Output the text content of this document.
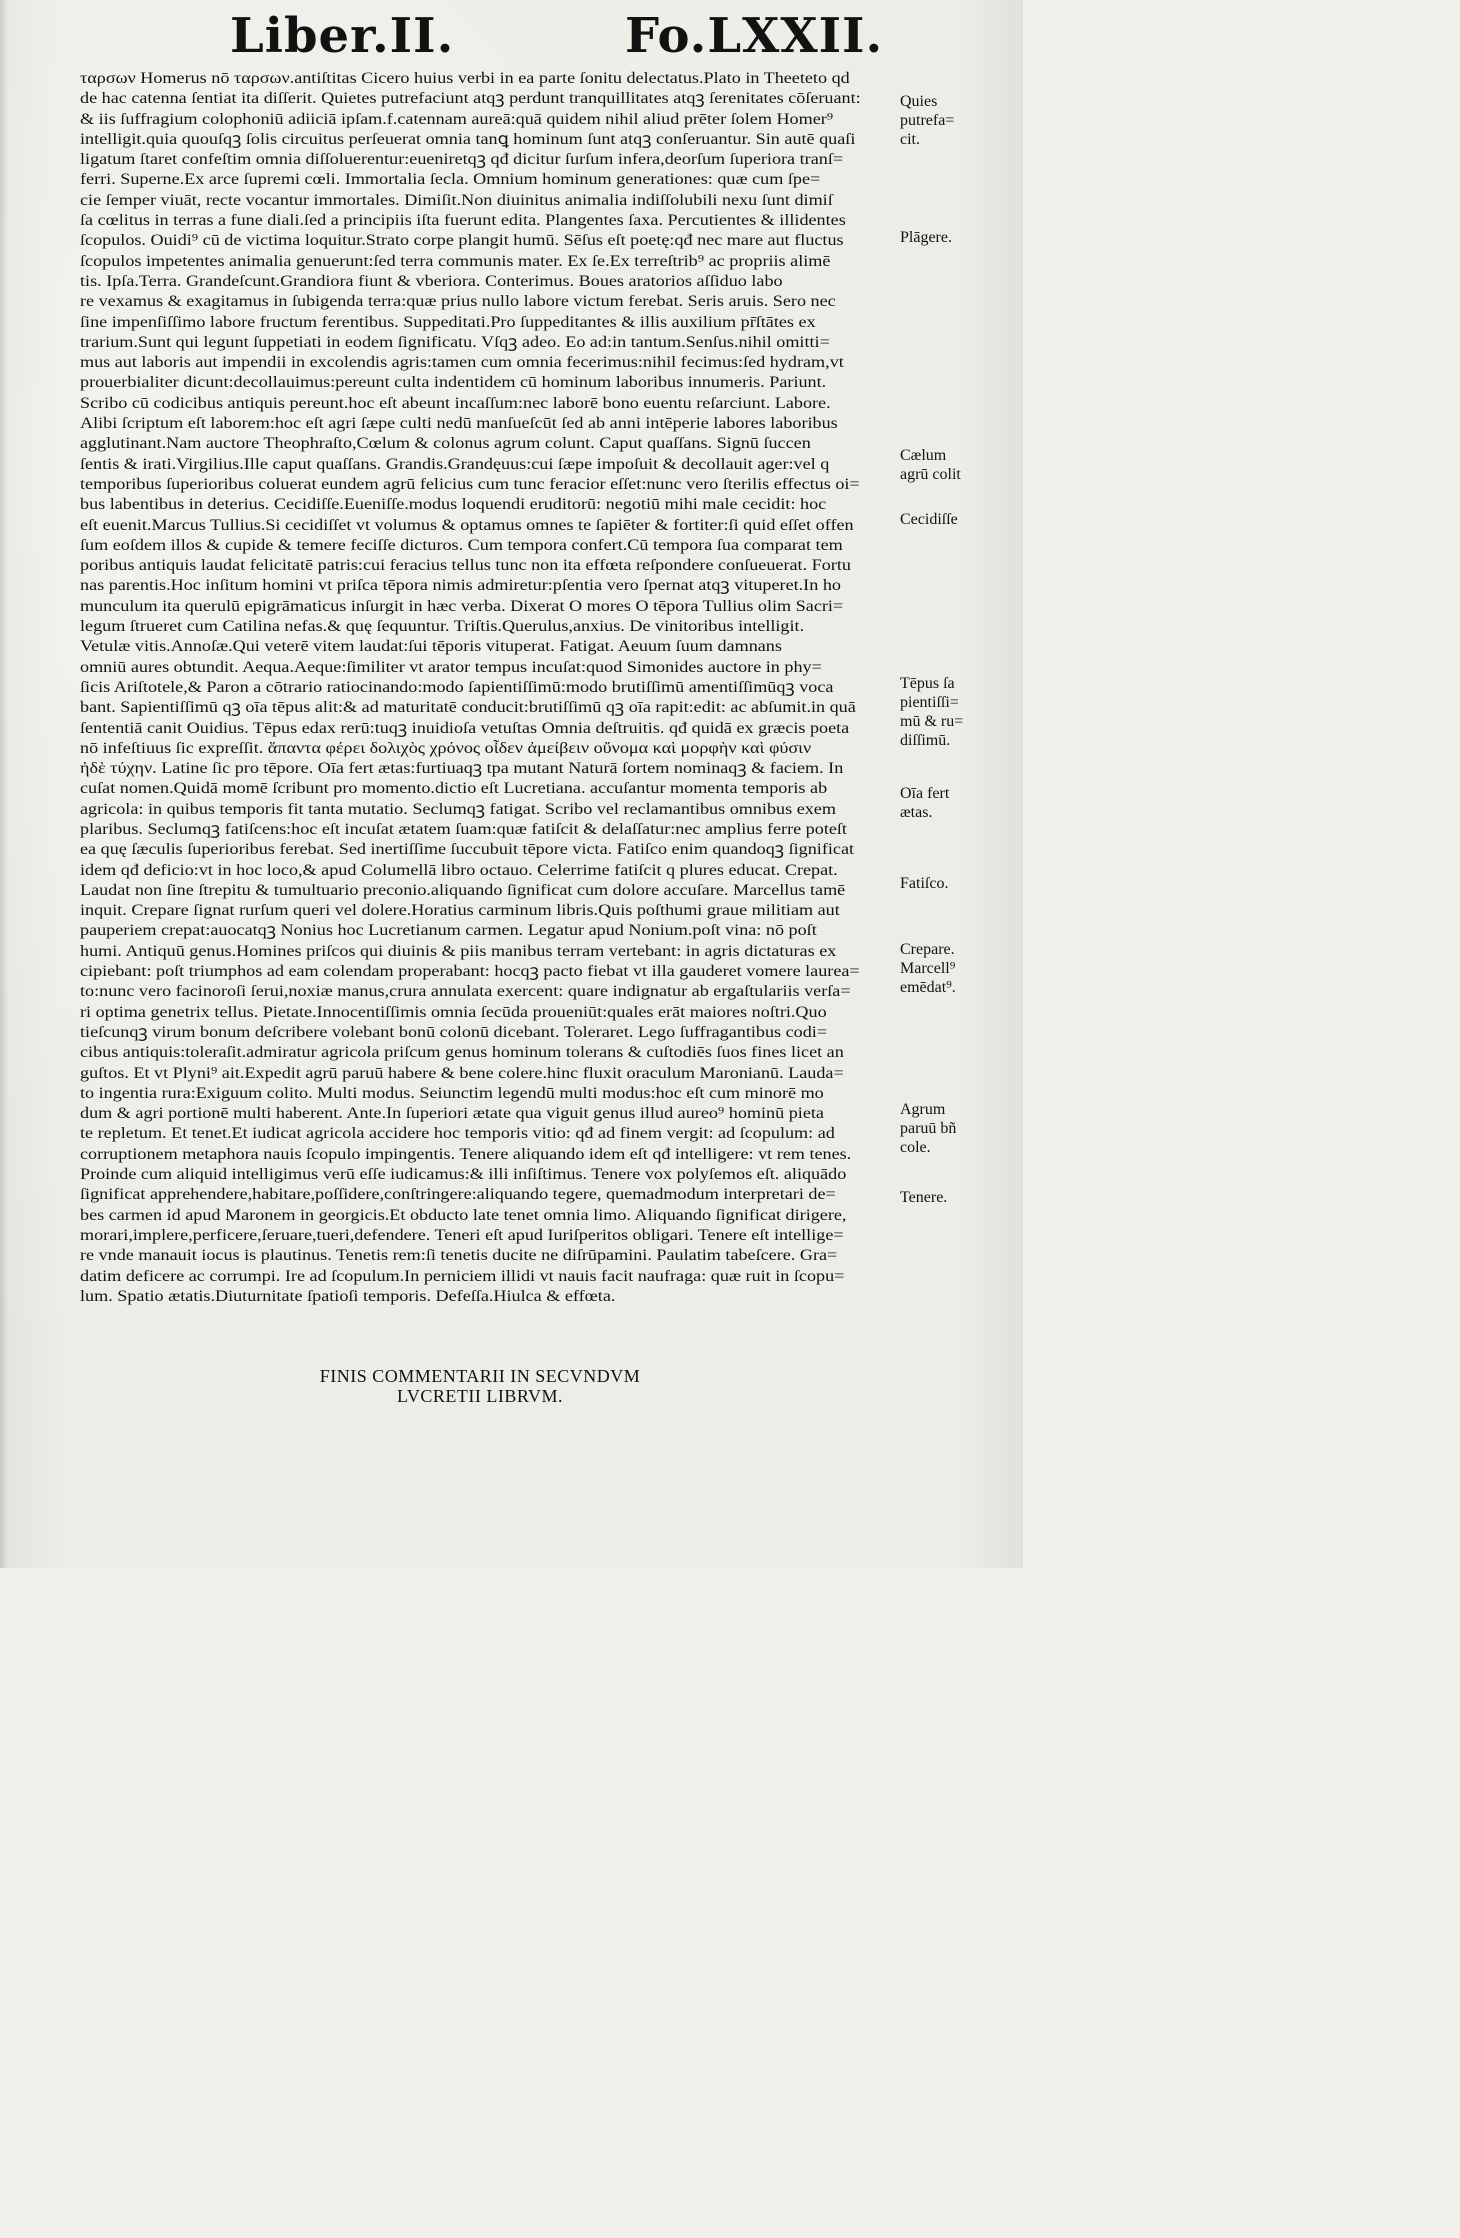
Liber.II.	Fo.LXXII.
ταρσων Homerus nō ταρσων.antiſtitas Cicero huius verbi in ea parte ſonitu delectatus.Plato in Theeteto qd
de hac catenna ſentiat ita diſſerit. Quietes putrefaciunt atqꝫ perdunt tranquillitates atqꝫ ſerenitates cōſeruant:
& iis ſuffragium colophoniū adiiciā ipſam.f.catennam aureā:quā quidem nihil aliud prēter ſolem Homer⁹
intelligit.quia quouſqꝫ ſolis circuitus perſeuerat omnia tanꝗ hominum ſunt atqꝫ conſeruantur. Sin autē quaſi
ligatum ſtaret confeſtim omnia diſſoluerentur:eueniretqꝫ qđ dicitur ſurſum infera,deorſum ſuperiora tranſ=
ferri. Superne.Ex arce ſupremi cœli. Immortalia ſecla. Omnium hominum generationes: quæ cum ſpe=
cie ſemper viuāt, recte vocantur immortales. Dimiſit.Non diuinitus animalia indiſſolubili nexu ſunt dimiſ
ſa cœlitus in terras a fune diali.ſed a principiis iſta fuerunt edita. Plangentes ſaxa. Percutientes & illidentes
ſcopulos. Ouidi⁹ cū de victima loquitur.Strato corpe plangit humū. Sēſus eſt poetę:qđ nec mare aut fluctus
ſcopulos impetentes animalia genuerunt:ſed terra communis mater. Ex ſe.Ex terreſtrib⁹ ac propriis alimē
tis. Ipſa.Terra. Grandeſcunt.Grandiora fiunt & vberiora. Conterimus. Boues aratorios aſſiduo labo
re vexamus & exagitamus in ſubigenda terra:quæ prius nullo labore victum ferebat. Seris aruis. Sero nec
ſine impenſiſſimo labore fructum ferentibus. Suppeditati.Pro ſuppeditantes & illis auxilium pr̄ſtātes ex
trarium.Sunt qui legunt ſuppetiati in eodem ſignificatu. Vſqꝫ adeo. Eo ad:in tantum.Senſus.nihil omitti=
mus aut laboris aut impendii in excolendis agris:tamen cum omnia fecerimus:nihil fecimus:ſed hydram,vt
prouerbialiter dicunt:decollauimus:pereunt culta indentidem cū hominum laboribus innumeris. Pariunt.
Scribo cū codicibus antiquis pereunt.hoc eſt abeunt incaſſum:nec laborē bono euentu reſarciunt. Labore.
Alibi ſcriptum eſt laborem:hoc eſt agri ſæpe culti nedū manſueſcūt ſed ab anni intēperie labores laboribus
agglutinant.Nam auctore Theophraſto,Cœlum & colonus agrum colunt. Caput quaſſans. Signū ſuccen
ſentis & irati.Virgilius.Ille caput quaſſans. Grandis.Grandęuus:cui ſæpe impoſuit & decollauit ager:vel q
temporibus ſuperioribus coluerat eundem agrū felicius cum tunc feracior eſſet:nunc vero ſterilis effectus oi=
bus labentibus in deterius. Cecidiſſe.Eueniſſe.modus loquendi eruditorū: negotiū mihi male cecidit: hoc
eſt euenit.Marcus Tullius.Si cecidiſſet vt volumus & optamus omnes te ſapiēter & fortiter:ſi quid eſſet offen
ſum eoſdem illos & cupide & temere feciſſe dicturos. Cum tempora confert.Cū tempora ſua comparat tem
poribus antiquis laudat felicitatē patris:cui feracius tellus tunc non ita effœta reſpondere conſueuerat. Fortu
nas parentis.Hoc inſitum homini vt priſca tēpora nimis admiretur:pſentia vero ſpernat atqꝫ vituperet.In ho
munculum ita querulū epigrāmaticus inſurgit in hæc verba. Dixerat O mores O tēpora Tullius olim Sacri=
legum ſtrueret cum Catilina nefas.& quę ſequuntur. Triſtis.Querulus,anxius. De vinitoribus intelligit.
Vetulæ vitis.Annoſæ.Qui veterē vitem laudat:ſui tēporis vituperat. Fatigat. Aeuum ſuum damnans
omniū aures obtundit. Aequa.Aeque:ſimiliter vt arator tempus incuſat:quod Simonides auctore in phy=
ſicis Ariſtotele,& Paron a cōtrario ratiocinando:modo ſapientiſſimū:modo brutiſſimū amentiſſimūqꝫ voca
bant. Sapientiſſimū qꝫ oīa tēpus alit:& ad maturitatē conducit:brutiſſimū qꝫ oīa rapit:edit: ac abſumit.in quā
ſententiā canit Ouidius. Tēpus edax rerū:tuqꝫ inuidioſa vetuſtas Omnia deſtruitis. qđ quidā ex græcis poeta
nō infeſtiuus ſic expreſſit. ἅπαντα φέρει δολιχὸς χρόνος οἶδεν ἀμείβειν οὔνομα καὶ μορφὴν καὶ φύσιν
ἠδὲ τύχην. Latine ſic pro tēpore. Oīa fert ætas:furtiuaqꝫ tpa mutant Naturā ſortem nominaqꝫ & faciem. In
cuſat nomen.Quidā momē ſcribunt pro momento.dictio eſt Lucretiana. accuſantur momenta temporis ab
agricola: in quibus temporis fit tanta mutatio. Seclumqꝫ fatigat. Scribo vel reclamantibus omnibus exem
plaribus. Seclumqꝫ fatiſcens:hoc eſt incuſat ætatem ſuam:quæ fatiſcit & delaſſatur:nec amplius ferre poteſt
ea quę ſæculis ſuperioribus ferebat. Sed inertiſſime ſuccubuit tēpore victa. Fatiſco enim quandoqꝫ ſignificat
idem qđ deficio:vt in hoc loco,& apud Columellā libro octauo. Celerrime fatiſcit q plures educat. Crepat.
Laudat non ſine ſtrepitu & tumultuario preconio.aliquando ſignificat cum dolore accuſare. Marcellus tamē
inquit. Crepare ſignat rurſum queri vel dolere.Horatius carminum libris.Quis poſthumi graue militiam aut
pauperiem crepat:auocatqꝫ Nonius hoc Lucretianum carmen. Legatur apud Nonium.poſt vina: nō poſt
humi. Antiquū genus.Homines priſcos qui diuinis & piis manibus terram vertebant: in agris dictaturas ex
cipiebant: poſt triumphos ad eam colendam properabant: hocqꝫ pacto fiebat vt illa gauderet vomere laurea=
to:nunc vero facinoroſi ſerui,noxiæ manus,crura annulata exercent: quare indignatur ab ergaſtulariis verſa=
ri optima genetrix tellus. Pietate.Innocentiſſimis omnia ſecūda proueniūt:quales erāt maiores noſtri.Quo
tieſcunqꝫ virum bonum deſcribere volebant bonū colonū dicebant. Toleraret. Lego ſuffragantibus codi=
cibus antiquis:toleraſit.admiratur agricola priſcum genus hominum tolerans & cuſtodiēs ſuos fines licet an
guſtos. Et vt Plyni⁹ ait.Expedit agrū paruū habere & bene colere.hinc fluxit oraculum Maronianū. Lauda=
to ingentia rura:Exiguum colito. Multi modus. Seiunctim legendū multi modus:hoc eſt cum minorē mo
dum & agri portionē multi haberent. Ante.In ſuperiori ætate qua viguit genus illud aureo⁹ hominū pieta
te repletum. Et tenet.Et iudicat agricola accidere hoc temporis vitio: qđ ad finem vergit: ad ſcopulum: ad
corruptionem metaphora nauis ſcopulo impingentis. Tenere aliquando idem eſt qđ intelligere: vt rem tenes.
Proinde cum aliquid intelligimus verū eſſe iudicamus:& illi inſiſtimus. Tenere vox polyſemos eſt. aliquādo
ſignificat apprehendere,habitare,poſſidere,conſtringere:aliquando tegere, quemadmodum interpretari de=
bes carmen id apud Maronem in georgicis.Et obducto late tenet omnia limo. Aliquando ſignificat dirigere,
morari,implere,perficere,ſeruare,tueri,defendere. Teneri eſt apud Iuriſperitos obligari. Tenere eſt intellige=
re vnde manauit iocus is plautinus. Tenetis rem:ſi tenetis ducite ne diſrūpamini. Paulatim tabeſcere. Gra=
datim deficere ac corrumpi. Ire ad ſcopulum.In perniciem illidi vt nauis facit naufraga: quæ ruit in ſcopu=
lum. Spatio ætatis.Diuturnitate ſpatioſi temporis. Defeſſa.Hiulca & effœta.
Quies
putrefa=
cit.
Plāgere.
Cælum
agrū colit
Cecidiſſe
Tēpus ſa
pientiſſi=
mū & ru=
diſſimū.
Oīa fert
ætas.
Fatiſco.
Crepare.
Marcell⁹
emēdat⁹.
Agrum
paruū bñ
cole.
Tenere.
FINIS COMMENTARII IN SECVNDVM
LVCRETII LIBRVM.
